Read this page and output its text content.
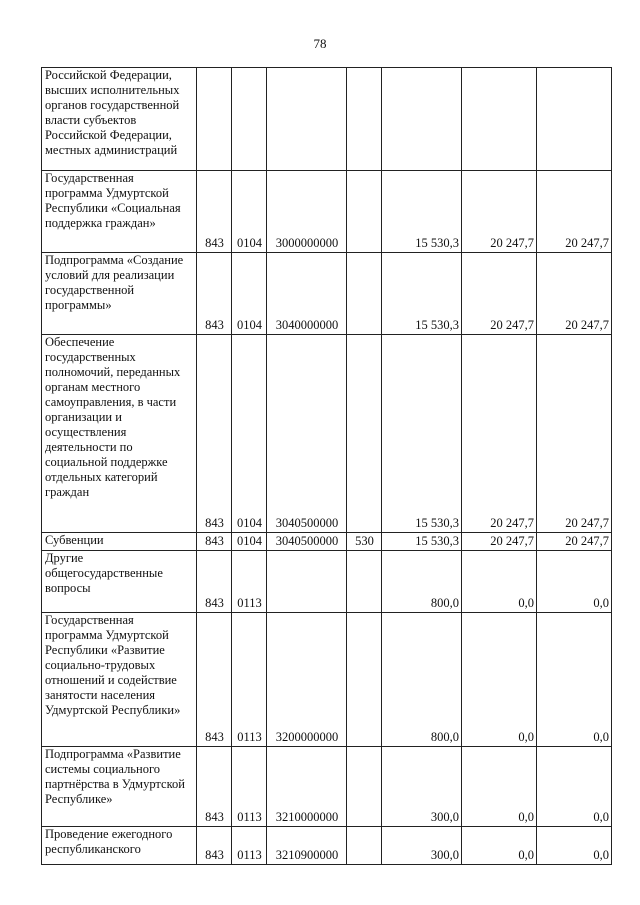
78
Российской Федерации, высших исполнительных органов государственной власти субъектов Российской Федерации, местных администраций							
Государственная программа Удмуртской Республики «Социальная поддержка граждан»	843	0104	3000000000		15 530,3	20 247,7	20 247,7
Подпрограмма «Создание условий для реализации государственной программы»	843	0104	3040000000		15 530,3	20 247,7	20 247,7
Обеспечение государственных полномочий, переданных органам местного самоуправления, в части организации и осуществления деятельности по социальной поддержке отдельных категорий граждан	843	0104	3040500000		15 530,3	20 247,7	20 247,7
Субвенции	843	0104	3040500000	530	15 530,3	20 247,7	20 247,7
Другие общегосударственные вопросы	843	0113			800,0	0,0	0,0
Государственная программа Удмуртской Республики «Развитие социально-трудовых отношений и содействие занятости населения Удмуртской Республики»	843	0113	3200000000		800,0	0,0	0,0
Подпрограмма «Развитие системы социального партнёрства в Удмуртской Республике»	843	0113	3210000000		300,0	0,0	0,0
Проведение ежегодного республиканского	843	0113	3210900000		300,0	0,0	0,0
